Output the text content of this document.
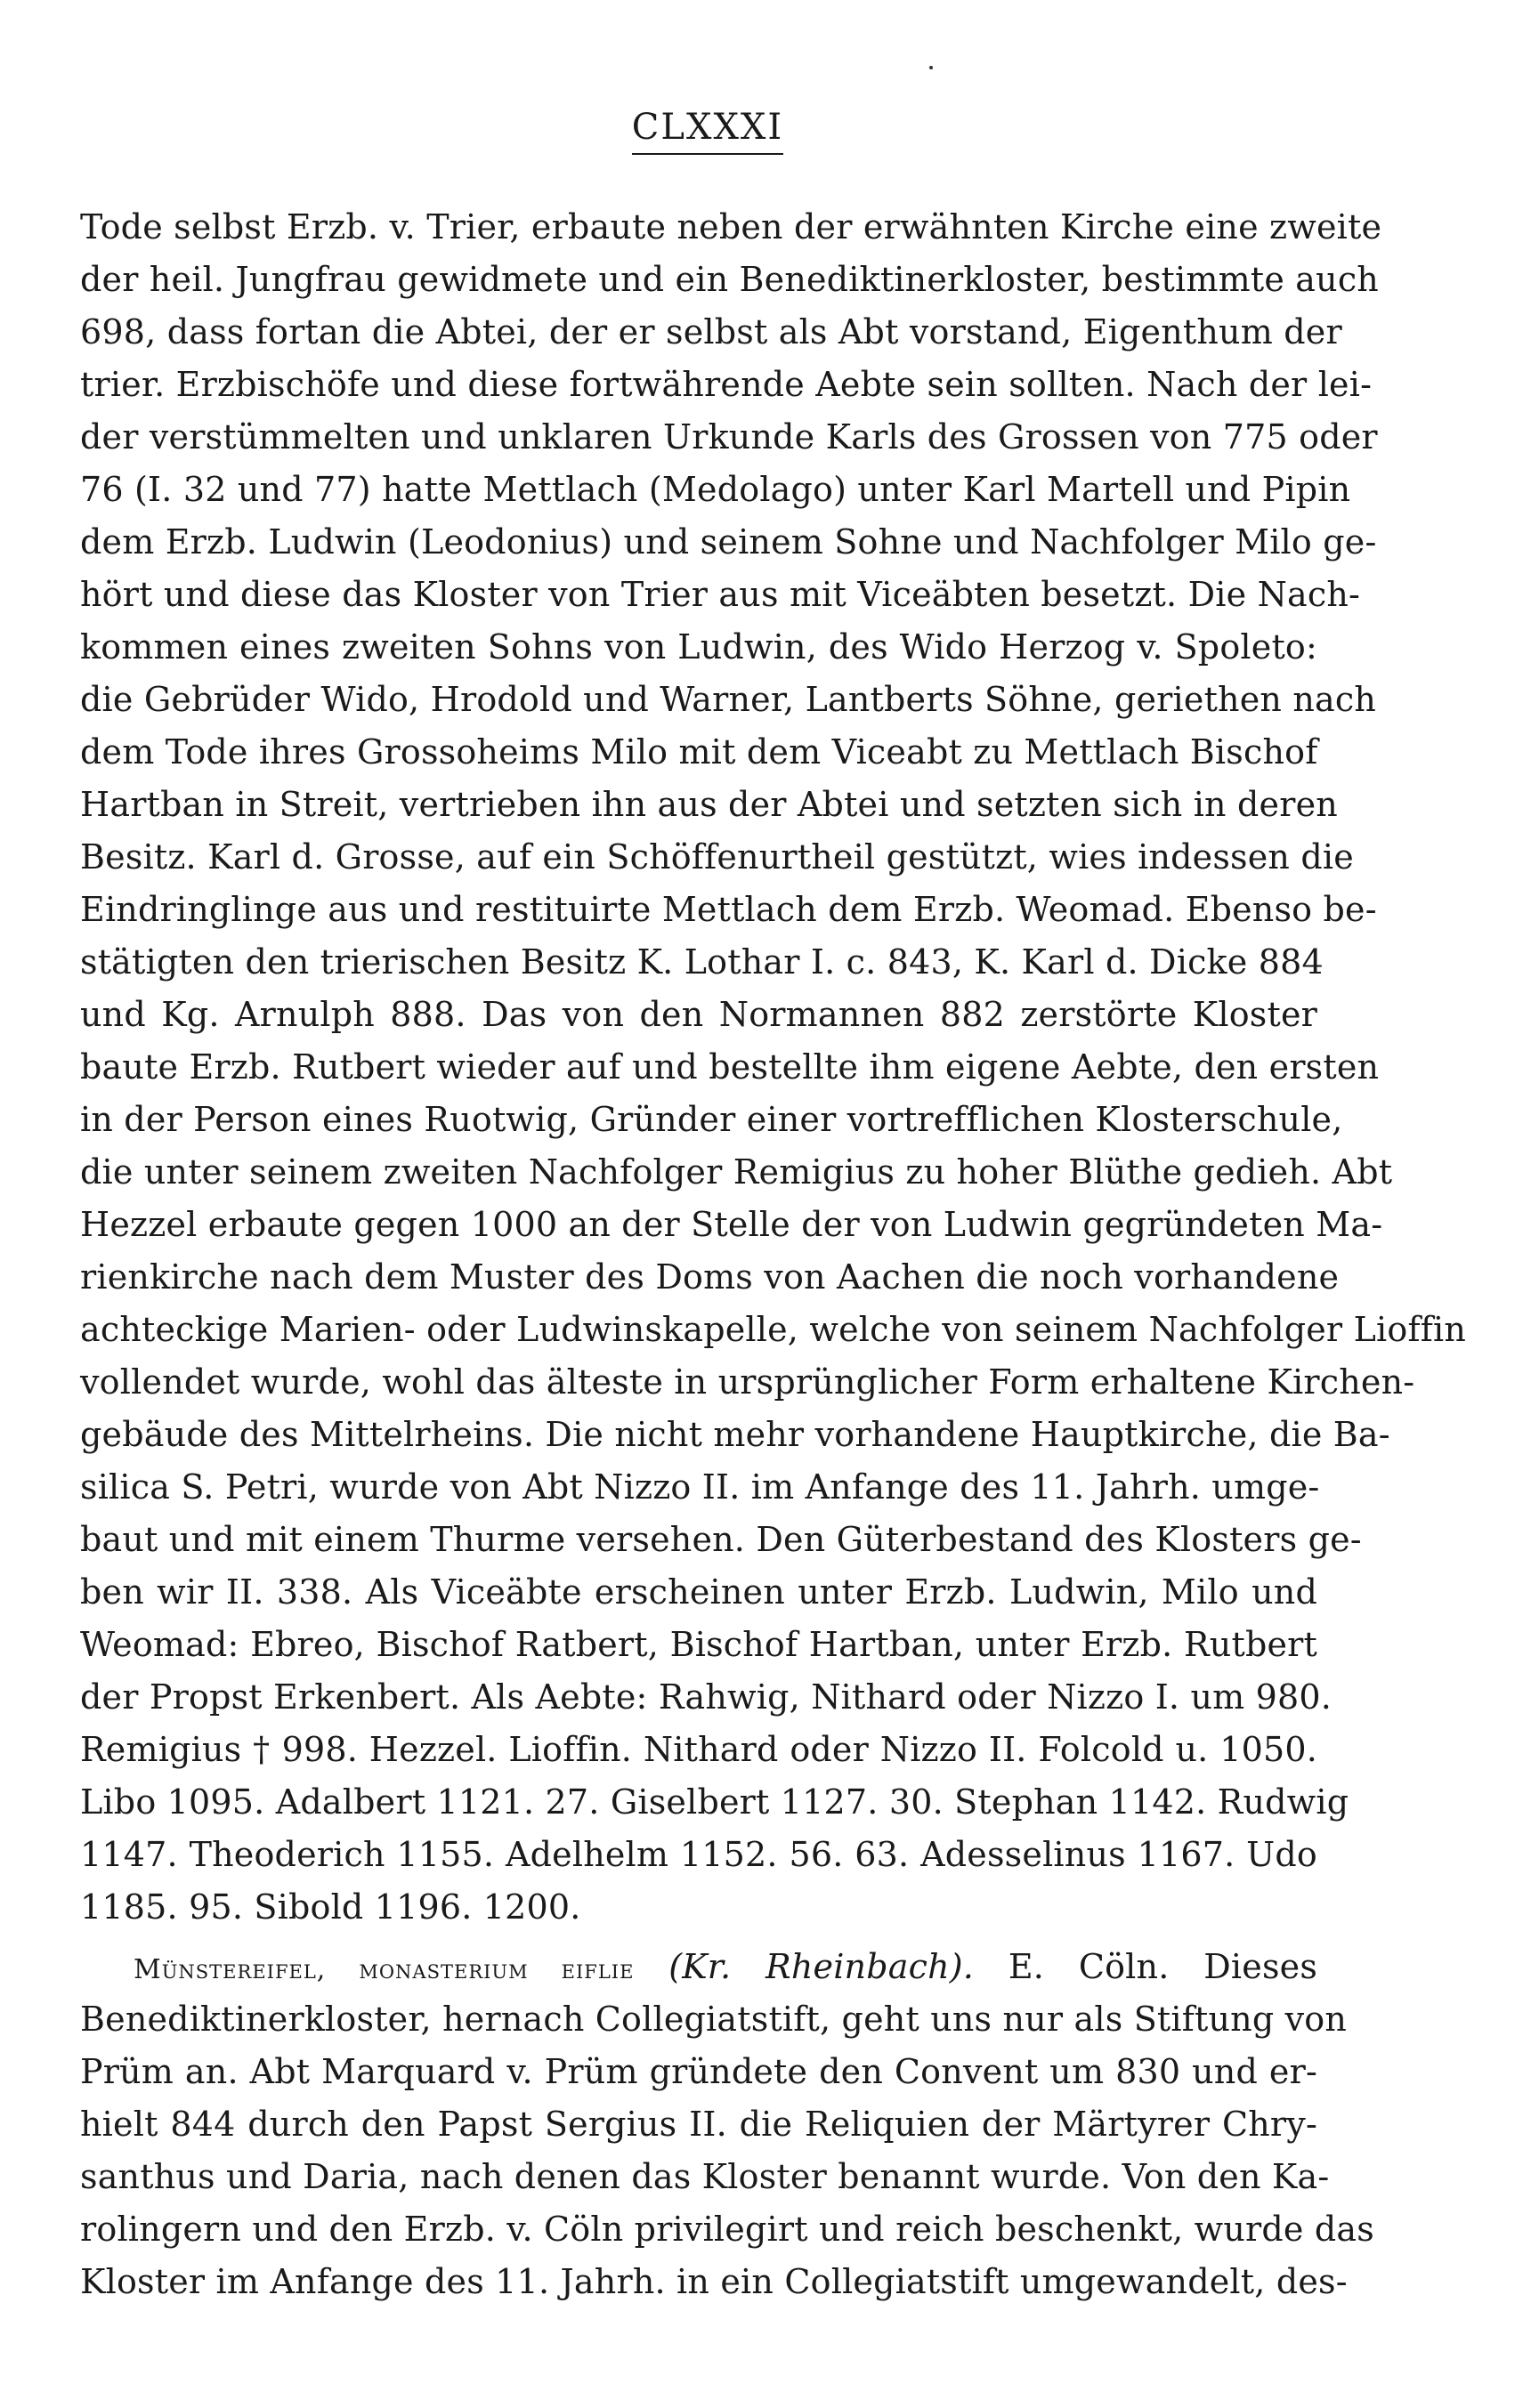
CLXXXI
Tode selbst Erzb. v. Trier, erbaute neben der erwähnten Kirche eine zweite
der heil. Jungfrau gewidmete und ein Benediktinerkloster, bestimmte auch
698, dass fortan die Abtei, der er selbst als Abt vorstand, Eigenthum der
trier. Erzbischöfe und diese fortwährende Aebte sein sollten. Nach der lei-
der verstümmelten und unklaren Urkunde Karls des Grossen von 775 oder
76 (I. 32 und 77) hatte Mettlach (Medolago) unter Karl Martell und Pipin
dem Erzb. Ludwin (Leodonius) und seinem Sohne und Nachfolger Milo ge-
hört und diese das Kloster von Trier aus mit Viceäbten besetzt. Die Nach-
kommen eines zweiten Sohns von Ludwin, des Wido Herzog v. Spoleto:
die Gebrüder Wido, Hrodold und Warner, Lantberts Söhne, geriethen nach
dem Tode ihres Grossoheims Milo mit dem Viceabt zu Mettlach Bischof
Hartban in Streit, vertrieben ihn aus der Abtei und setzten sich in deren
Besitz. Karl d. Grosse, auf ein Schöffenurtheil gestützt, wies indessen die
Eindringlinge aus und restituirte Mettlach dem Erzb. Weomad. Ebenso be-
stätigten den trierischen Besitz K. Lothar I. c. 843, K. Karl d. Dicke 884
und Kg. Arnulph 888. Das von den Normannen 882 zerstörte Kloster
baute Erzb. Rutbert wieder auf und bestellte ihm eigene Aebte, den ersten
in der Person eines Ruotwig, Gründer einer vortrefflichen Klosterschule,
die unter seinem zweiten Nachfolger Remigius zu hoher Blüthe gedieh. Abt
Hezzel erbaute gegen 1000 an der Stelle der von Ludwin gegründeten Ma-
rienkirche nach dem Muster des Doms von Aachen die noch vorhandene
achteckige Marien- oder Ludwinskapelle, welche von seinem Nachfolger Lioffin
vollendet wurde, wohl das älteste in ursprünglicher Form erhaltene Kirchen-
gebäude des Mittelrheins. Die nicht mehr vorhandene Hauptkirche, die Ba-
silica S. Petri, wurde von Abt Nizzo II. im Anfange des 11. Jahrh. umge-
baut und mit einem Thurme versehen. Den Güterbestand des Klosters ge-
ben wir II. 338. Als Viceäbte erscheinen unter Erzb. Ludwin, Milo und
Weomad: Ebreo, Bischof Ratbert, Bischof Hartban, unter Erzb. Rutbert
der Propst Erkenbert. Als Aebte: Rahwig, Nithard oder Nizzo I. um 980.
Remigius † 998. Hezzel. Lioffin. Nithard oder Nizzo II. Folcold u. 1050.
Libo 1095. Adalbert 1121. 27. Giselbert 1127. 30. Stephan 1142. Rudwig
1147. Theoderich 1155. Adelhelm 1152. 56. 63. Adesselinus 1167. Udo
1185. 95. Sibold 1196. 1200.
Münstereifel, monasterium eiflie (Kr. Rheinbach). E. Cöln. Dieses
Benediktinerkloster, hernach Collegiatstift, geht uns nur als Stiftung von
Prüm an. Abt Marquard v. Prüm gründete den Convent um 830 und er-
hielt 844 durch den Papst Sergius II. die Reliquien der Märtyrer Chry-
santhus und Daria, nach denen das Kloster benannt wurde. Von den Ka-
rolingern und den Erzb. v. Cöln privilegirt und reich beschenkt, wurde das
Kloster im Anfange des 11. Jahrh. in ein Collegiatstift umgewandelt, des-
